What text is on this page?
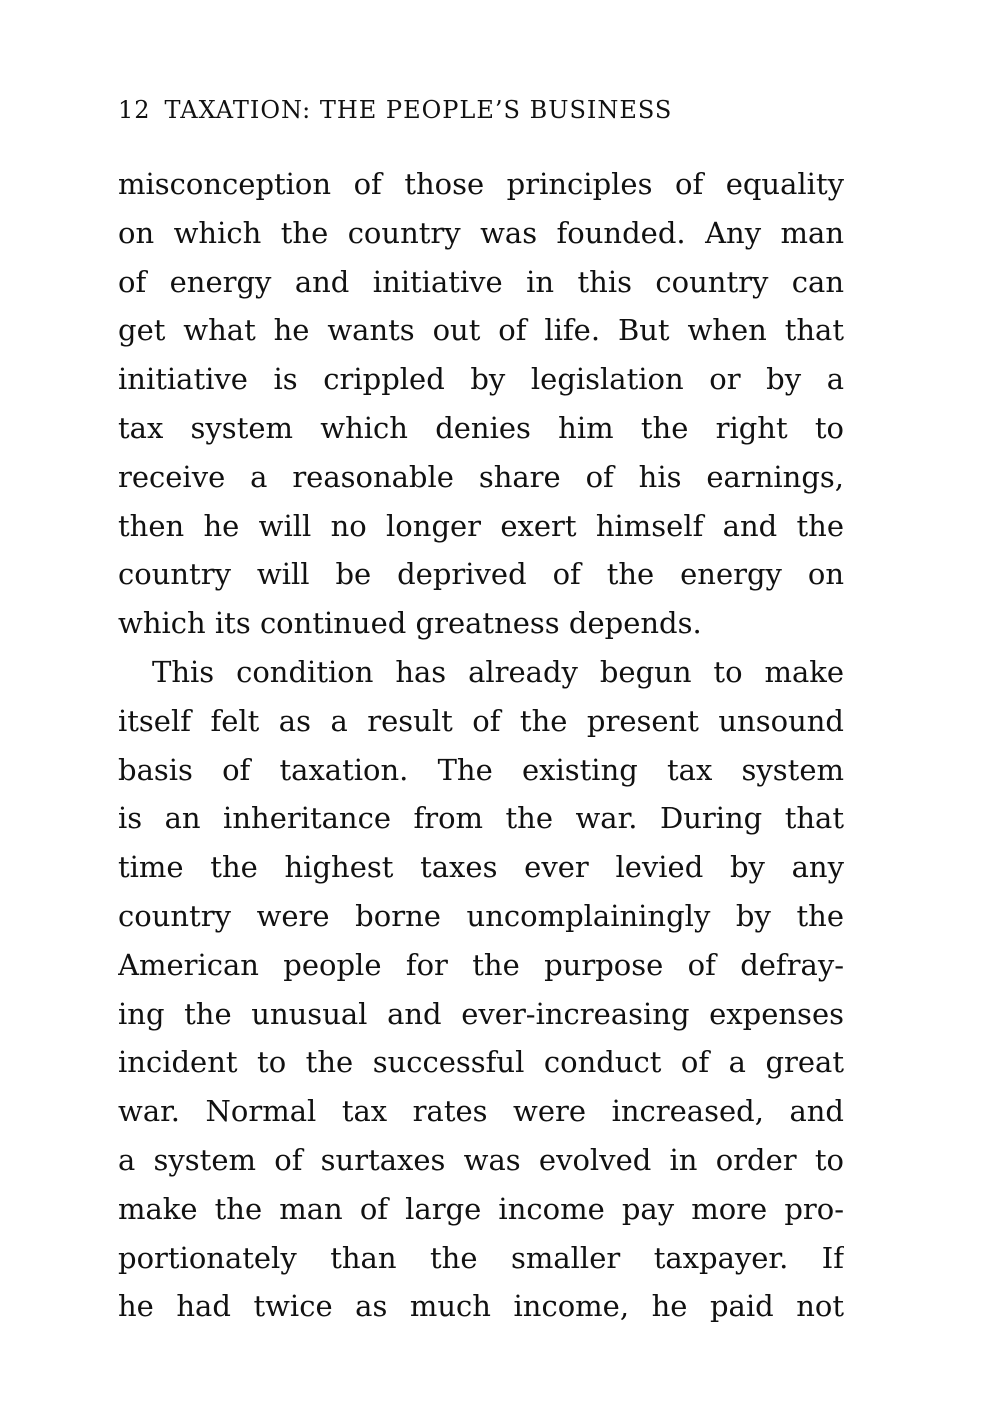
12 TAXATION: THE PEOPLE’S BUSINESS
misconception of those principles of equality
on which the country was founded. Any man
of energy and initiative in this country can
get what he wants out of life. But when that
initiative is crippled by legislation or by a
tax system which denies him the right to
receive a reasonable share of his earnings,
then he will no longer exert himself and the
country will be deprived of the energy on
which its continued greatness depends.
This condition has already begun to make
itself felt as a result of the present unsound
basis of taxation. The existing tax system
is an inheritance from the war. During that
time the highest taxes ever levied by any
country were borne uncomplainingly by the
American people for the purpose of defray-
ing the unusual and ever-increasing expenses
incident to the successful conduct of a great
war. Normal tax rates were increased, and
a system of surtaxes was evolved in order to
make the man of large income pay more pro-
portionately than the smaller taxpayer. If
he had twice as much income, he paid not
